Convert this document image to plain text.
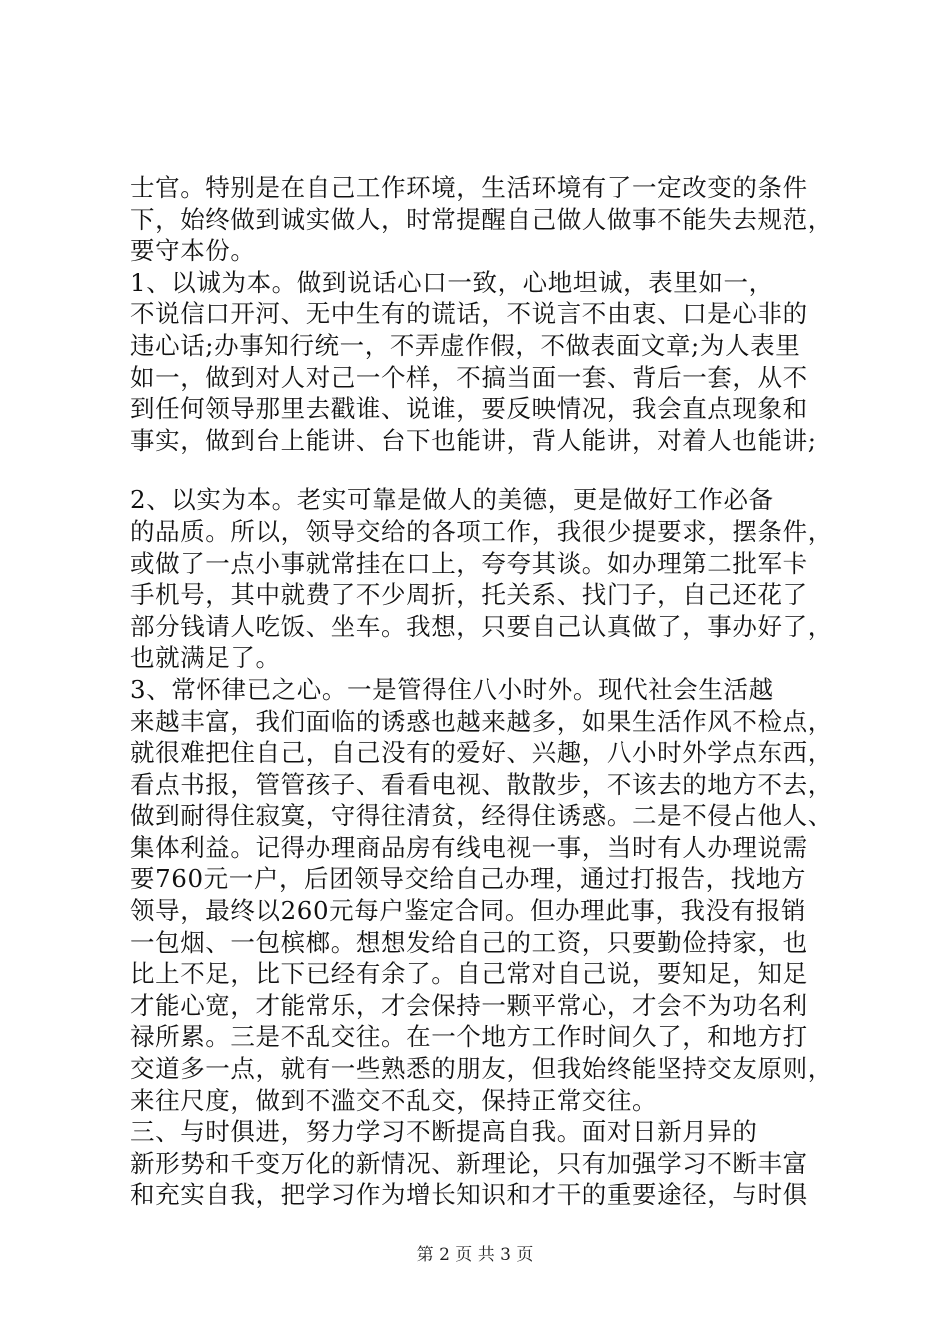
士官。特别是在自己工作环境，生活环境有了一定改变的条件
下，始终做到诚实做人，时常提醒自己做人做事不能失去规范，
要守本份。
1、以诚为本。做到说话心口一致，心地坦诚，表里如一，
不说信口开河、无中生有的谎话，不说言不由衷、口是心非的
违心话;办事知行统一，不弄虚作假，不做表面文章;为人表里
如一，做到对人对己一个样，不搞当面一套、背后一套，从不
到任何领导那里去戳谁、说谁，要反映情况，我会直点现象和
事实，做到台上能讲、台下也能讲，背人能讲，对着人也能讲;
2、以实为本。老实可靠是做人的美德，更是做好工作必备
的品质。所以，领导交给的各项工作，我很少提要求，摆条件，
或做了一点小事就常挂在口上，夸夸其谈。如办理第二批军卡
手机号，其中就费了不少周折，托关系、找门子，自己还花了
部分钱请人吃饭、坐车。我想，只要自己认真做了，事办好了，
也就满足了。
3、常怀律已之心。一是管得住八小时外。现代社会生活越
来越丰富，我们面临的诱惑也越来越多，如果生活作风不检点，
就很难把住自己，自己没有的爱好、兴趣，八小时外学点东西，
看点书报，管管孩子、看看电视、散散步，不该去的地方不去，
做到耐得住寂寞，守得往清贫，经得住诱惑。二是不侵占他人、
集体利益。记得办理商品房有线电视一事，当时有人办理说需
要760元一户，后团领导交给自己办理，通过打报告，找地方
领导，最终以260元每户鉴定合同。但办理此事，我没有报销
一包烟、一包槟榔。想想发给自己的工资，只要勤俭持家，也
比上不足，比下已经有余了。自己常对自己说，要知足，知足
才能心宽，才能常乐，才会保持一颗平常心，才会不为功名利
禄所累。三是不乱交往。在一个地方工作时间久了，和地方打
交道多一点，就有一些熟悉的朋友，但我始终能坚持交友原则，
来往尺度，做到不滥交不乱交，保持正常交往。
三、与时俱进，努力学习不断提高自我。面对日新月异的
新形势和千变万化的新情况、新理论，只有加强学习不断丰富
和充实自我，把学习作为增长知识和才干的重要途径，与时俱
第 2 页 共 3 页
